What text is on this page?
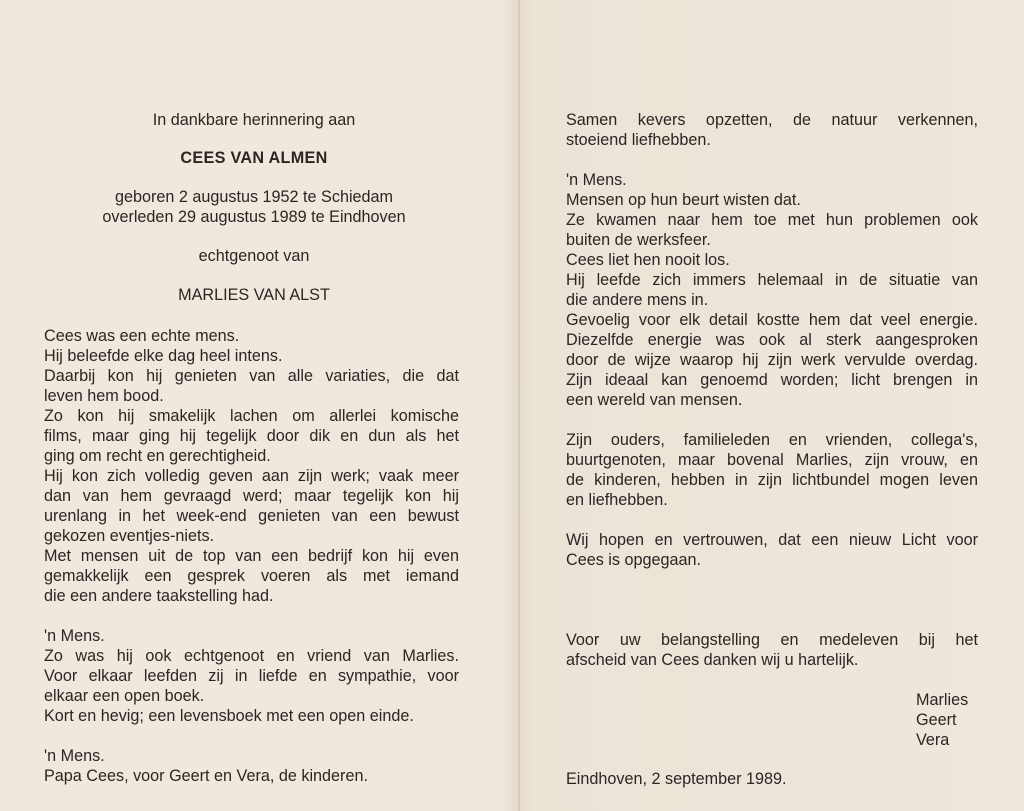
In dankbare herinnering aan
CEES VAN ALMEN
geboren 2 augustus 1952 te Schiedam
overleden 29 augustus 1989 te Eindhoven
echtgenoot van
MARLIES VAN ALST
Cees was een echte mens.
Hij beleefde elke dag heel intens.
Daarbij kon hij genieten van alle variaties, die dat
leven hem bood.
Zo kon hij smakelijk lachen om allerlei komische
films, maar ging hij tegelijk door dik en dun als het
ging om recht en gerechtigheid.
Hij kon zich volledig geven aan zijn werk; vaak meer
dan van hem gevraagd werd; maar tegelijk kon hij
urenlang in het week-end genieten van een bewust
gekozen eventjes-niets.
Met mensen uit de top van een bedrijf kon hij even
gemakkelijk een gesprek voeren als met iemand
die een andere taakstelling had.
'n Mens.
Zo was hij ook echtgenoot en vriend van Marlies.
Voor elkaar leefden zij in liefde en sympathie, voor
elkaar een open boek.
Kort en hevig; een levensboek met een open einde.
'n Mens.
Papa Cees, voor Geert en Vera, de kinderen.
Samen kevers opzetten, de natuur verkennen,
stoeiend liefhebben.
'n Mens.
Mensen op hun beurt wisten dat.
Ze kwamen naar hem toe met hun problemen ook
buiten de werksfeer.
Cees liet hen nooit los.
Hij leefde zich immers helemaal in de situatie van
die andere mens in.
Gevoelig voor elk detail kostte hem dat veel energie.
Diezelfde energie was ook al sterk aangesproken
door de wijze waarop hij zijn werk vervulde overdag.
Zijn ideaal kan genoemd worden; licht brengen in
een wereld van mensen.
Zijn ouders, familieleden en vrienden, collega's,
buurtgenoten, maar bovenal Marlies, zijn vrouw, en
de kinderen, hebben in zijn lichtbundel mogen leven
en liefhebben.
Wij hopen en vertrouwen, dat een nieuw Licht voor
Cees is opgegaan.
Voor uw belangstelling en medeleven bij het
afscheid van Cees danken wij u hartelijk.
Marlies
Geert
Vera
Eindhoven, 2 september 1989.
